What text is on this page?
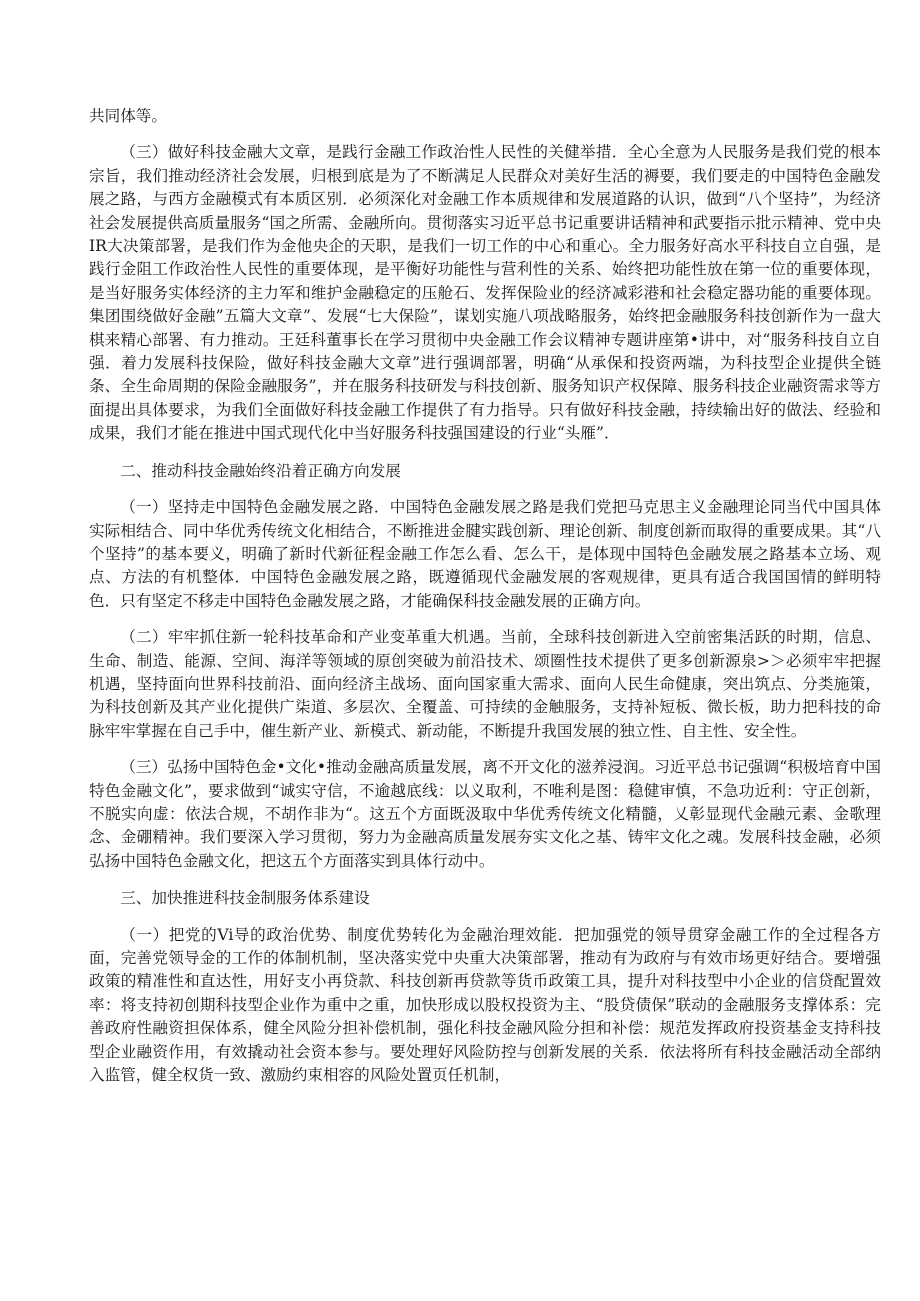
共同体等。

（三）做好科技金融大文章，是践行金融工作政治性人民性的关健举措．全心全意为人民服务是我们党的根本宗旨，我们推动经济社会发展，归根到底是为了不断满足人民群众对美好生活的褥要，我们要走的中国特色金融发展之路，与西方金融模式有本质区别．必须深化对金融工作本质规律和发展道路的认识，做到“八个坚持”，为经济社会发展提供高质量服务“国之所需、金融所向。贯彻落实习近平总书记重要讲话精神和武要指示批示精神、党中央IR大决策部署，是我们作为金他央企的天职，是我们一切工作的中心和重心。全力服务好高水平科技自立自强，是践行金阻工作政治性人民性的重要体现，是平衡好功能性与营利性的关系、始终把功能性放在第一位的重要体现，是当好服务实体经济的主力军和维护金融稳定的压舱石、发挥保险业的经济减彩港和社会稳定器功能的重要体现。集团围绕做好金融”五篇大文章”、发展“七大保险”，谋划实施八项战略服务，始终把金融服务科技创新作为一盘大棋来精心部署、有力推动。王廷科董事长在学习贯彻中央金融工作会议精神专题讲座第•讲中，对“服务科技自立自强．着力发展科技保险，做好科技金融大文章”进行强调部署，明确“从承保和投资两端，为科技型企业提供全链条、全生命周期的保险金融服务”，并在服务科技研发与科技创新、服务知识产权保障、服务科技企业融资需求等方面提出具体要求，为我们全面做好科技金融工作提供了有力指导。只有做好科技金融，持续输出好的做法、经验和成果，我们才能在推进中国式现代化中当好服务科技强国建设的行业“头雁”．

二、推动科技金融始终沿着正确方向发展

（一）坚持走中国特色金融发展之路．中国特色金融发展之路是我们党把马克思主义金融理论同当代中国具体实际相结合、同中华优秀传统文化相结合，不断推进金腱实践创新、理论创新、制度创新而取得的重要成果。其“八个坚持”的基本要义，明确了新时代新征程金融工作怎么看、怎么干，是体现中国特色金融发展之路基本立场、观点、方法的有机整体．中国特色金融发展之路，既遵循现代金融发展的客观规律，更具有适合我国国情的鲜明特色．只有坚定不移走中国特色金融发展之路，才能确保科技金融发展的正确方向。

（二）牢牢抓住新一轮科技革命和产业变革重大机遇。当前，全球科技创新进入空前密集活跃的时期，信息、生命、制造、能源、空间、海洋等领域的原创突破为前沿技术、颂圈性技术提供了更多创新源泉>＞必须牢牢把握机遇，坚持面向世界科技前沿、面向经济主战场、面向国家重大需求、面向人民生命健康，突出筑点、分类施策，为科技创新及其产业化提供广柒道、多层次、全覆盖、可持续的金触服务，支持补短板、微长板，助力把科技的命脉牢牢掌握在自己手中，催生新产业、新模式、新动能，不断提升我国发展的独立性、自主性、安全性。

（三）弘扬中国特色金•文化•推动金融高质量发展，离不开文化的滋养浸润。习近平总书记强调“积极培育中国特色金融文化”，要求做到“诚实守信，不逾越底线：以义取利，不唯利是图：稳健审慎，不急功近利：守正创新，不脱实向虚：依法合规，不胡作非为“。这五个方面既汲取中华优秀传统文化精髓，乂彰显现代金融元素、金歌理念、金硼精神。我们要深入学习贯彻，努力为金融高质量发展夯实文化之基、铸牢文化之魂。发展科技金融，必须弘扬中国特色金融文化，把这五个方面落实到具体行动中。

三、加快推进科技金制服务体系建设

（一）把党的Vi导的政治优势、制度优势转化为金融治理效能．把加强党的领导贯穿金融工作的全过程各方面，完善党领导金的工作的体制机制，坚决落实党中央重大决策部署，推动有为政府与有效市场更好结合。要增强政策的精准性和直达性，用好支小再贷款、科技创新再贷款等货币政策工具，提升对科技型中小企业的信贷配置效率：将支持初创期科技型企业作为重中之重，加快形成以股权投资为主、“股贷债保”联动的金融服务支撑体系：完善政府性融资担保体系，健全风险分担补偿机制，强化科技金融风险分担和补偿：规范发挥政府投资基金支持科技型企业融资作用，有效撬动社会资本参与。要处理好风险防控与创新发展的关系．依法将所有科技金融活动全部纳入监管，健全权货一致、激励约束相容的风险处置页任机制，
